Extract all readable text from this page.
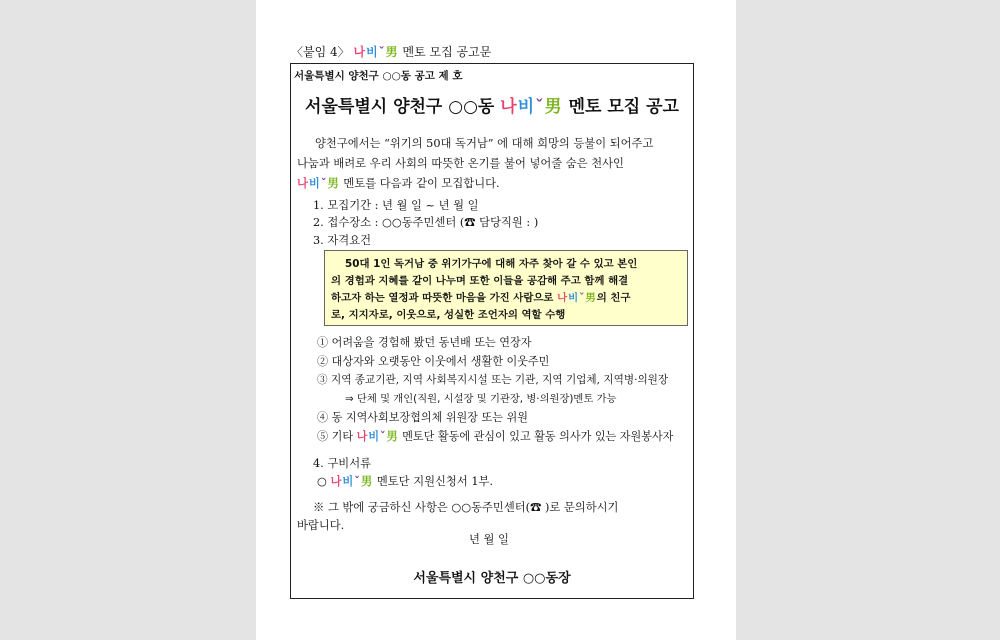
〈붙임 4〉 나비ˇ男 멘토 모집 공고문
서울특별시 양천구 ○○동 공고 제 호
서울특별시 양천구 ○○동 나비ˇ男 멘토 모집 공고
양천구에서는 “위기의 50대 독거남” 에 대해 희망의 등불이 되어주고
나눔과 배려로 우리 사회의 따뜻한 온기를 불어 넣어줄 숨은 천사인
나비ˇ男 멘토를 다음과 같이 모집합니다.
1. 모집기간 : 년 월 일 ~ 년 월 일
2. 접수장소 : ○○동주민센터 (☎ 담당직원 : )
3. 자격요건
50대 1인 독거남 중 위기가구에 대해 자주 찾아 갈 수 있고 본인
의 경험과 지혜를 같이 나누며 또한 이들을 공감해 주고 함께 해결
하고자 하는 열정과 따뜻한 마음을 가진 사람으로 나비ˇ男의 친구
로, 지지자로, 이웃으로, 성실한 조언자의 역할 수행
① 어려움을 경험해 봤던 동년배 또는 연장자
② 대상자와 오랫동안 이웃에서 생활한 이웃주민
③ 지역 종교기관, 지역 사회복지시설 또는 기관, 지역 기업체, 지역병·의원장
⇒ 단체 및 개인(직원, 시설장 및 기관장, 병·의원장)멘토 가능
④ 동 지역사회보장협의체 위원장 또는 위원
⑤ 기타 나비ˇ男 멘토단 활동에 관심이 있고 활동 의사가 있는 자원봉사자
4. 구비서류
○ 나비ˇ男 멘토단 지원신청서 1부.
※ 그 밖에 궁금하신 사항은 ○○동주민센터(☎ )로 문의하시기
바랍니다.
년 월 일
서울특별시 양천구 ○○동장
